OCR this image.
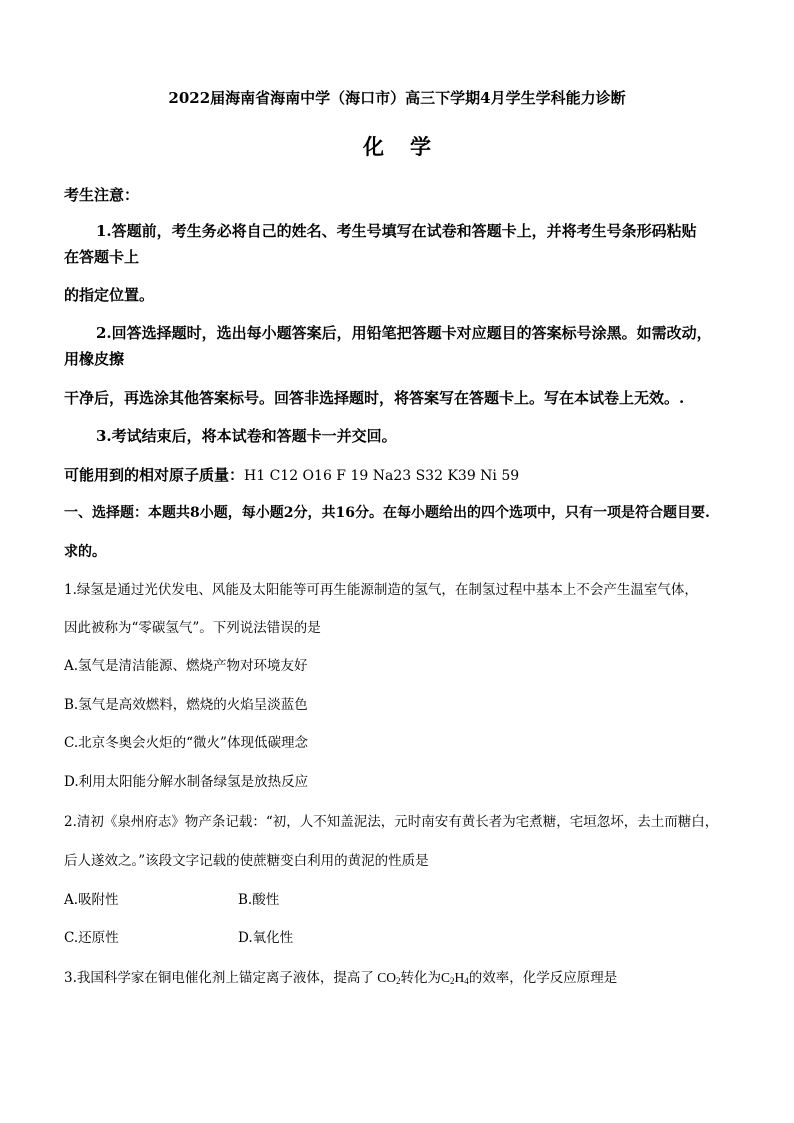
2022届海南省海南中学（海口市）高三下学期4月学生学科能力诊断
化学
考生注意：
1.答题前，考生务必将自己的姓名、考生号填写在试卷和答题卡上，并将考生号条形码粘贴
在答题卡上
的指定位置。
2.回答选择题时，选出每小题答案后，用铅笔把答题卡对应题目的答案标号涂黑。如需改动，
用橡皮擦
干净后，再选涂其他答案标号。回答非选择题时，将答案写在答题卡上。写在本试卷上无效。.
3.考试结束后，将本试卷和答题卡一并交回。
可能用到的相对原子质量：H1 C12 O16 F 19 Na23 S32 K39 Ni 59
一、选择题：本题共8小题，每小题2分，共16分。在每小题给出的四个选项中，只有一项是符合题目要.
求的。
1.绿氢是通过光伏发电、风能及太阳能等可再生能源制造的氢气，在制氢过程中基本上不会产生温室气体，
因此被称为“零碳氢气”。下列说法错误的是
A.氢气是清洁能源、燃烧产物对环境友好
B.氢气是高效燃料，燃烧的火焰呈淡蓝色
C.北京冬奥会火炬的“微火”体现低碳理念
D.利用太阳能分解水制备绿氢是放热反应
2.清初《泉州府志》物产条记载：“初，人不知盖泥法，元时南安有黄长者为宅煮糖，宅垣忽坏，去土而糖白，
后人遂效之。”该段文字记载的使蔗糖变白利用的黄泥的性质是
A.吸附性	B.酸性
C.还原性	D.氧化性
3.我国科学家在铜电催化剂上锚定离子液体，提高了 $CO_2$转化为$C_2H_4$的效率，化学反应原理是
